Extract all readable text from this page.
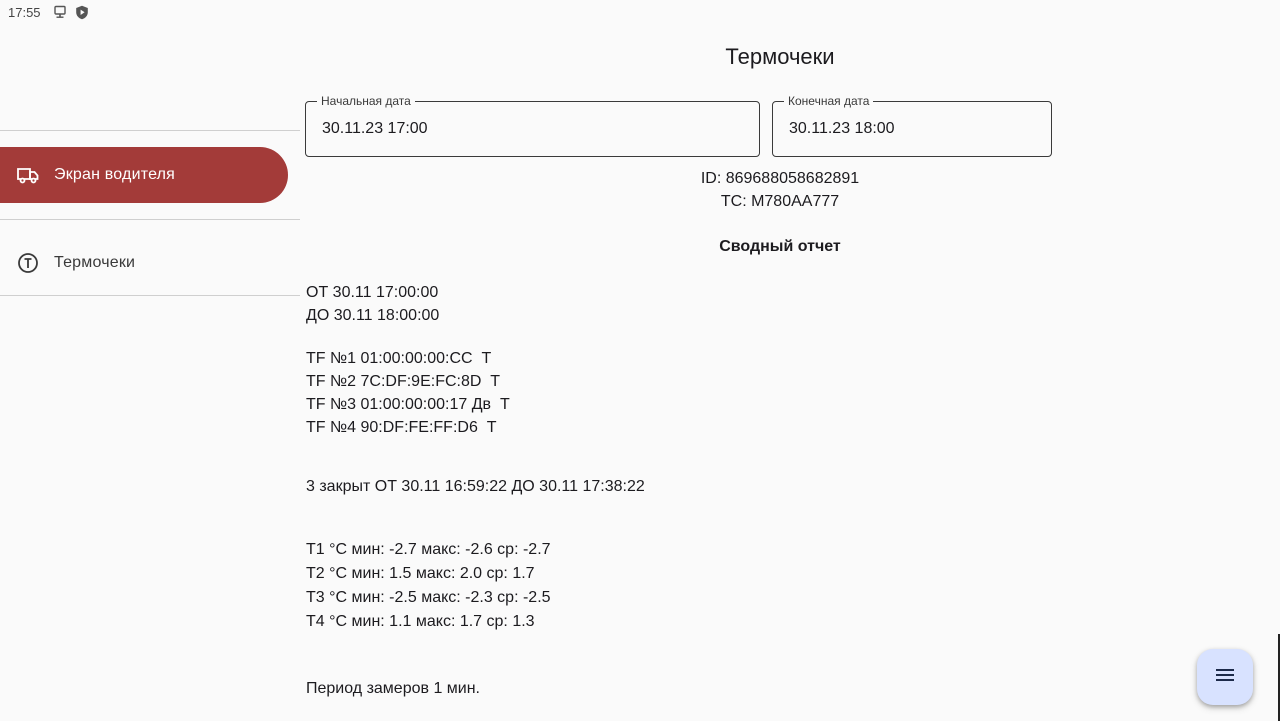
17:55
Экран водителя
Термочеки
Термочеки
Начальная дата
30.11.23 17:00
Конечная дата
30.11.23 18:00
ID: 869688058682891
ТС: М780АА777
Сводный отчет
ОТ 30.11 17:00:00
ДО 30.11 18:00:00
TF №1 01:00:00:00:CC  Т
TF №2 7C:DF:9E:FC:8D  Т
TF №3 01:00:00:00:17 Дв  Т
TF №4 90:DF:FE:FF:D6  Т
3 закрыт ОТ 30.11 16:59:22 ДО 30.11 17:38:22
Т1 °С мин: -2.7 макс: -2.6 ср: -2.7
Т2 °С мин: 1.5 макс: 2.0 ср: 1.7
Т3 °С мин: -2.5 макс: -2.3 ср: -2.5
Т4 °С мин: 1.1 макс: 1.7 ср: 1.3
Период замеров 1 мин.
